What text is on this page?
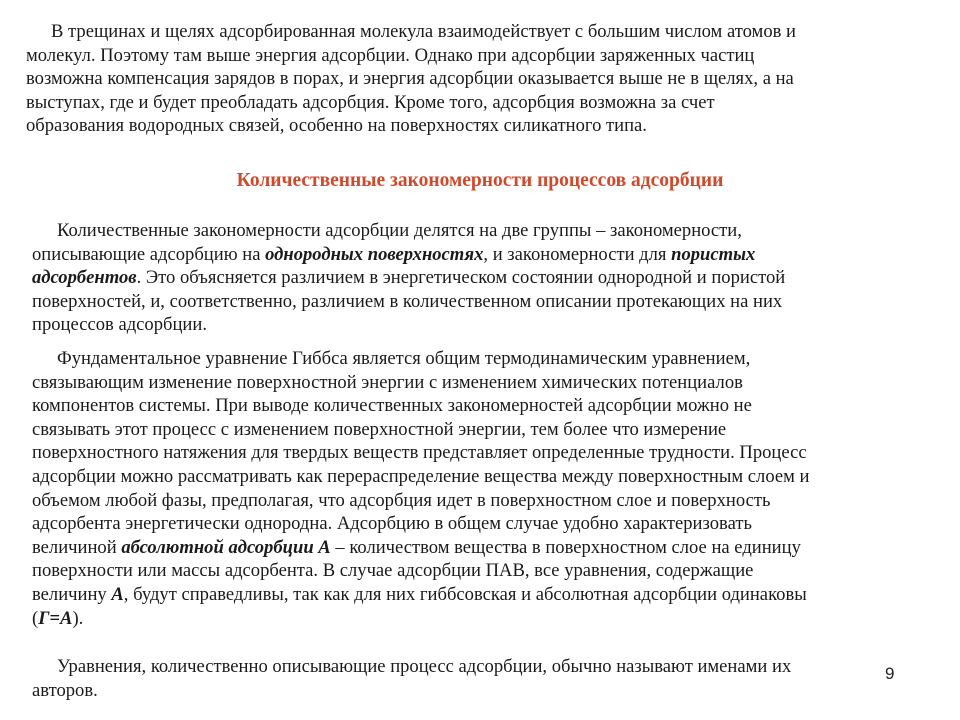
В трещинах и щелях адсорбированная молекула взаимодействует с большим числом атомов и
молекул. Поэтому там выше энергия адсорбции. Однако при адсорбции заряженных частиц
возможна компенсация зарядов в порах, и энергия адсорбции оказывается выше не в щелях, а на
выступах, где и будет преобладать адсорбция. Кроме того, адсорбция возможна за счет
образования водородных связей, особенно на поверхностях силикатного типа.

Количественные закономерности процессов адсорбции

Количественные закономерности адсорбции делятся на две группы – закономерности,
описывающие адсорбцию на однородных поверхностях, и закономерности для пористых
адсорбентов. Это объясняется различием в энергетическом состоянии однородной и пористой
поверхностей, и, соответственно, различием в количественном описании протекающих на них
процессов адсорбции.

Фундаментальное уравнение Гиббса является общим термодинамическим уравнением,
связывающим изменение поверхностной энергии с изменением химических потенциалов
компонентов системы. При выводе количественных закономерностей адсорбции можно не
связывать этот процесс с изменением поверхностной энергии, тем более что измерение
поверхностного натяжения для твердых веществ представляет определенные трудности. Процесс
адсорбции можно рассматривать как перераспределение вещества между поверхностным слоем и
объемом любой фазы, предполагая, что адсорбция идет в поверхностном слое и поверхность
адсорбента энергетически однородна. Адсорбцию в общем случае удобно характеризовать
величиной абсолютной адсорбции А – количеством вещества в поверхностном слое на единицу
поверхности или массы адсорбента. В случае адсорбции ПАВ, все уравнения, содержащие
величину А, будут справедливы, так как для них гиббсовская и абсолютная адсорбции одинаковы
(Г=А).

Уравнения, количественно описывающие процесс адсорбции, обычно называют именами их
авторов.

9
